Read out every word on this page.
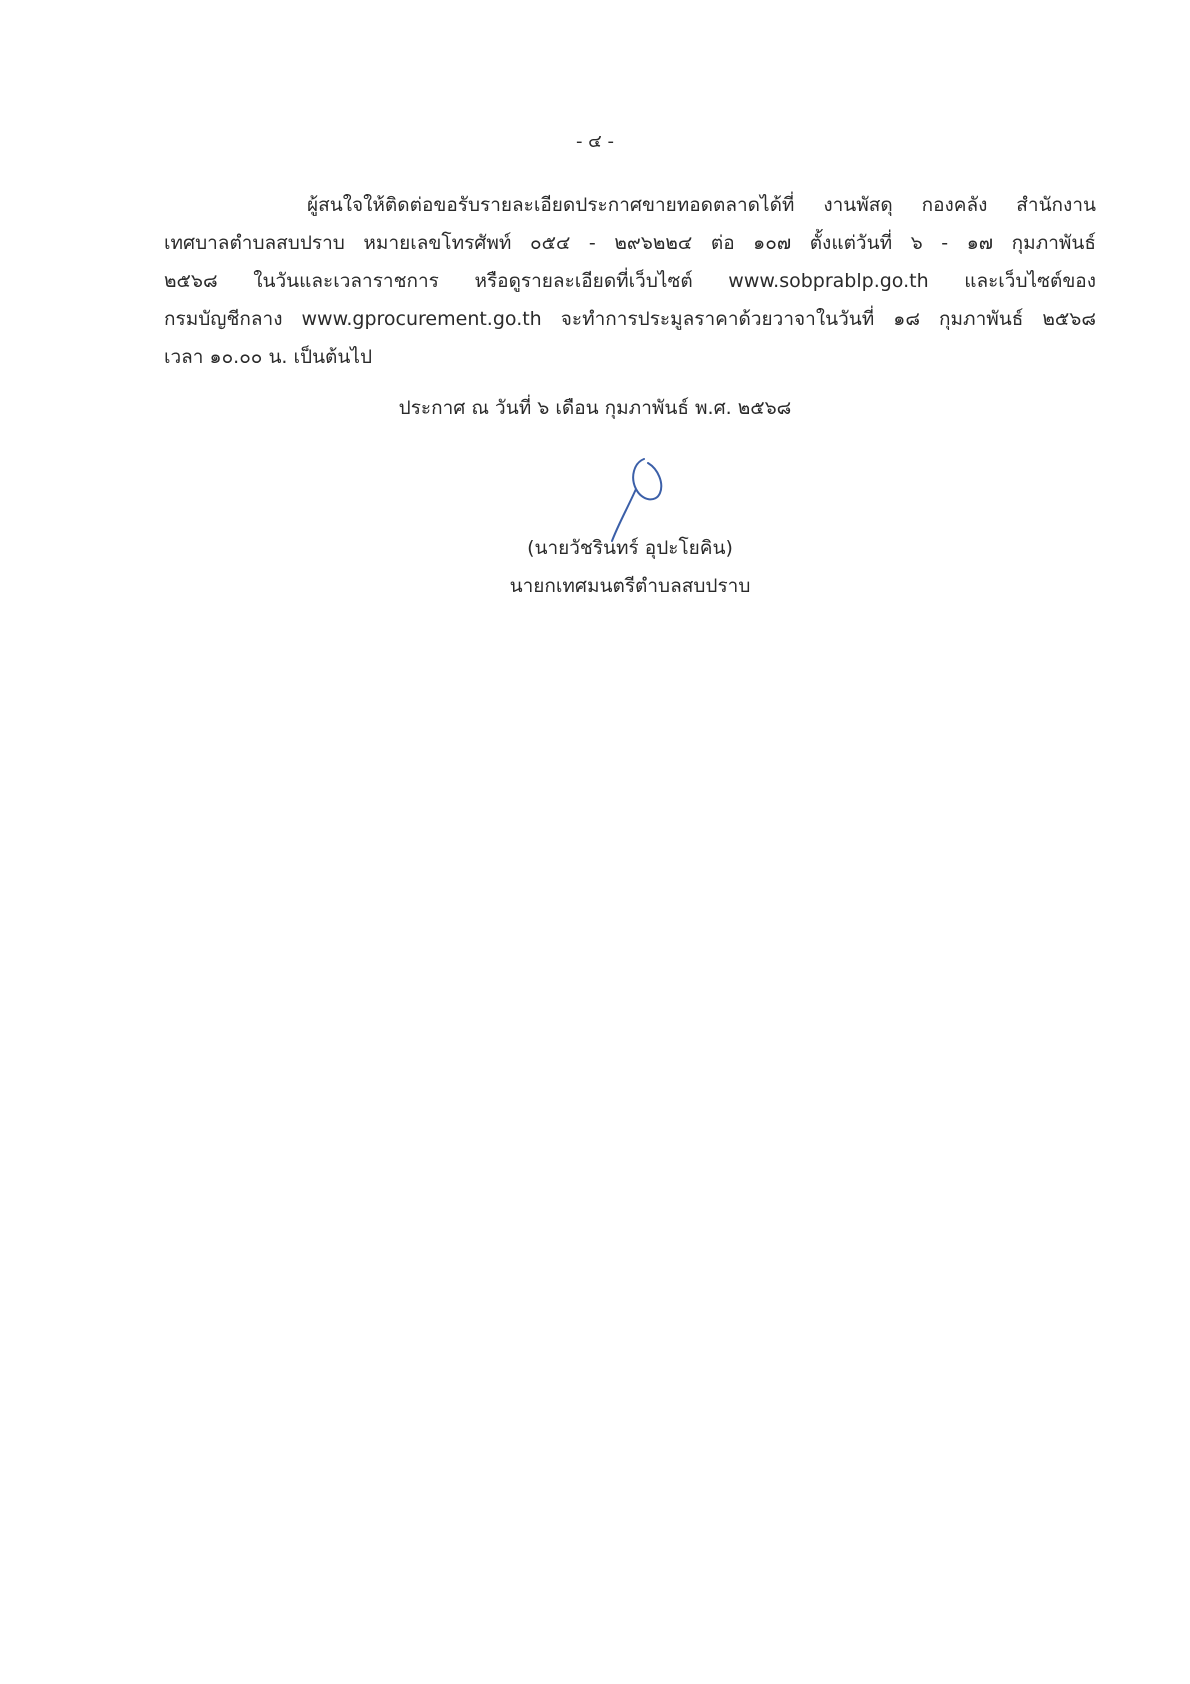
- ๔ -
ผู้สนใจให้ติดต่อขอรับรายละเอียดประกาศขายทอดตลาดได้ที่ งานพัสดุ กองคลัง สำนักงาน
เทศบาลตำบลสบปราบ หมายเลขโทรศัพท์ ๐๕๔ - ๒๙๖๒๒๔ ต่อ ๑๐๗ ตั้งแต่วันที่ ๖ - ๑๗ กุมภาพันธ์
๒๕๖๘ ในวันและเวลาราชการ หรือดูรายละเอียดที่เว็บไซต์ www.sobprablp.go.th และเว็บไซต์ของ
กรมบัญชีกลาง www.gprocurement.go.th จะทำการประมูลราคาด้วยวาจาในวันที่ ๑๘ กุมภาพันธ์ ๒๕๖๘
เวลา ๑๐.๐๐ น. เป็นต้นไป
ประกาศ ณ วันที่ ๖ เดือน กุมภาพันธ์ พ.ศ. ๒๕๖๘
(นายวัชรินทร์ อุปะโยคิน)
นายกเทศมนตรีตำบลสบปราบ
